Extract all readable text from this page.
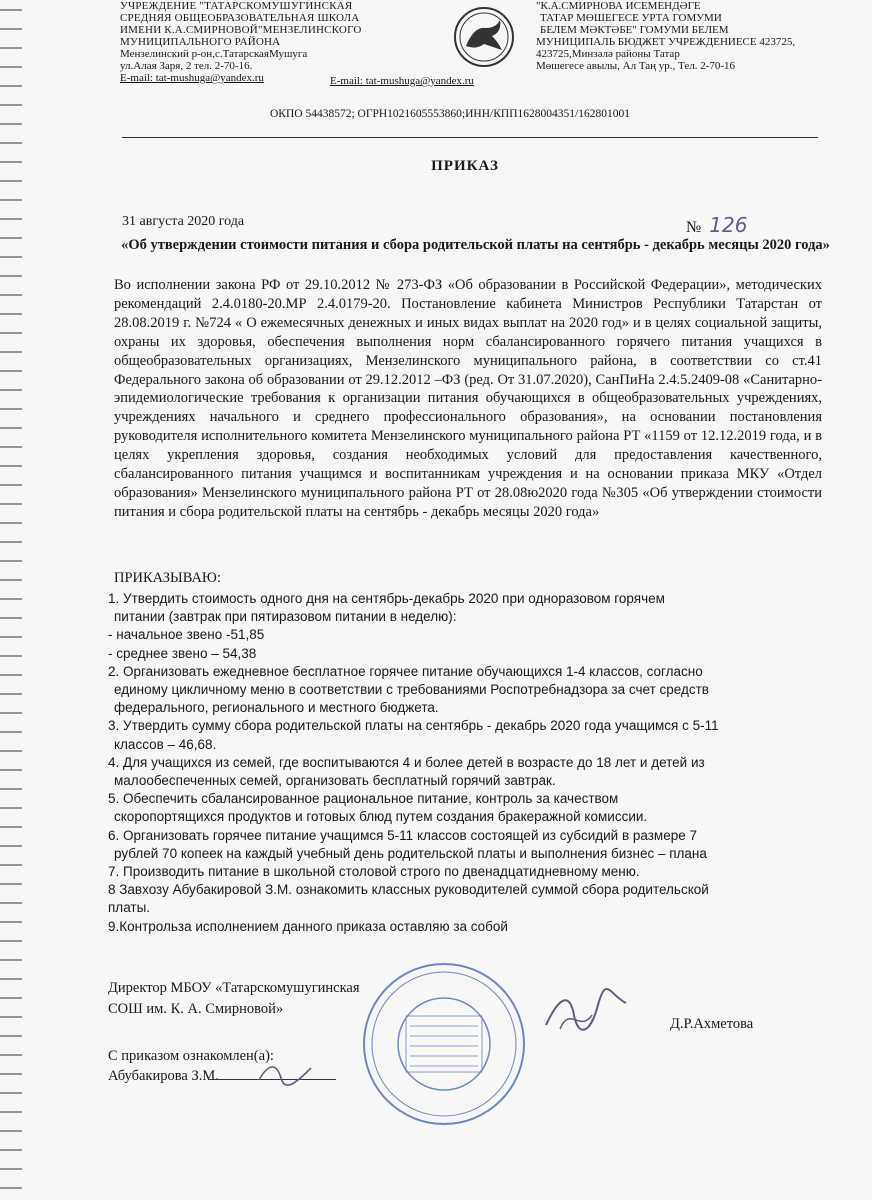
УЧРЕЖДЕНИЕ "ТАТАРСКОМУШУГИНСКАЯ
СРЕДНЯЯ ОБЩЕОБРАЗОВАТЕЛЬНАЯ ШКОЛА
ИМЕНИ К.А.СМИРНОВОЙ"МЕНЗЕЛИНСКОГО
МУНИЦИПАЛЬНОГО РАЙОНА
Мензелинский р-он,с.ТатарскаяМушуга
ул.Алая Заря, 2 тел. 2-70-16.
E-mail: tat-mushuga@yandex.ru
"К.А.СМИРНОВА ИСЕМЕНДӘГЕ
ТАТАР МӨШЕГЕСЕ УРТА ГОМУМИ
БЕЛЕМ МӘКТӘБЕ" ГОМУМИ БЕЛЕМ
МУНИЦИПАЛЬ БЮДЖЕТ УЧРЕЖДЕНИЕСЕ 423725,
423725,Минзәлә районы Татар
Мөшегесе авылы, Ал Таң ур., Тел. 2-70-16
E-mail: tat-mushuga@yandex.ru
ОКПО 54438572; ОГРН1021605553860;ИНН/КПП1628004351/162801001
ПРИКАЗ
31 августа 2020 года	№ 126
«Об утверждении стоимости питания и сбора родительской платы на сентябрь - декабрь месяцы 2020 года»
Во исполнении закона РФ от 29.10.2012 № 273-ФЗ «Об образовании в Российской Федерации», методических рекомендаций 2.4.0180-20.МР 2.4.0179-20. Постановление кабинета Министров Республики Татарстан от 28.08.2019 г. №724 « О ежемесячных денежных и иных видах выплат на 2020 год» и в целях социальной защиты, охраны их здоровья, обеспечения выполнения норм сбалансированного горячего питания учащихся в общеобразовательных организациях, Мензелинского муниципального района, в соответствии со ст.41 Федерального закона об образовании от 29.12.2012 –ФЗ (ред. От 31.07.2020), СанПиНа 2.4.5.2409-08 «Санитарно-эпидемиологические требования к организации питания обучающихся в общеобразовательных учреждениях, учреждениях начального и среднего профессионального образования», на основании постановления руководителя исполнительного комитета Мензелинского муниципального района РТ «1159 от 12.12.2019 года, и в целях укрепления здоровья, создания необходимых условий для предоставления качественного, сбалансированного питания учащимся и воспитанникам учреждения и на основании приказа МКУ «Отдел образования» Мензелинского муниципального района РТ от 28.08ю2020 года №305 «Об утверждении стоимости питания и сбора родительской платы на сентябрь - декабрь месяцы 2020 года»
ПРИКАЗЫВАЮ:

1. Утвердить стоимость одного дня на сентябрь-декабрь 2020 при одноразовом горячем

питании (завтрак при пятиразовом питании в неделю):

- начальное звено -51,85

- среднее звено – 54,38

2. Организовать ежедневное бесплатное горячее питание обучающихся 1-4 классов, согласно

единому цикличному меню в соответствии с требованиями Роспотребнадзора за счет средств

федерального, регионального и местного бюджета.

3. Утвердить сумму сбора родительской платы на сентябрь - декабрь 2020 года учащимся с 5-11

классов – 46,68.

4. Для учащихся из семей, где воспитываются 4 и более детей в возрасте до 18 лет и детей из

малообеспеченных семей, организовать бесплатный горячий завтрак.

5. Обеспечить сбалансированное рациональное питание, контроль за качеством

скоропортящихся продуктов и готовых блюд путем создания бракеражной комиссии.

6. Организовать горячее питание учащимся 5-11 классов состоящей из субсидий в размере 7

рублей 70 копеек на каждый учебный день родительской платы и выполнения бизнес – плана

7. Производить питание в школьной столовой строго по двенадцатидневному меню.

8 Завхозу Абубакировой З.М. ознакомить классных руководителей суммой сбора родительской

платы.

9.Контрольза исполнением данного приказа оставляю за собой

Директор МБОУ «Татарскомушугинская
СОШ им. К. А. Смирновой»
Д.Р.Ахметова
С приказом ознакомлен(а):
Абубакирова З.М.
